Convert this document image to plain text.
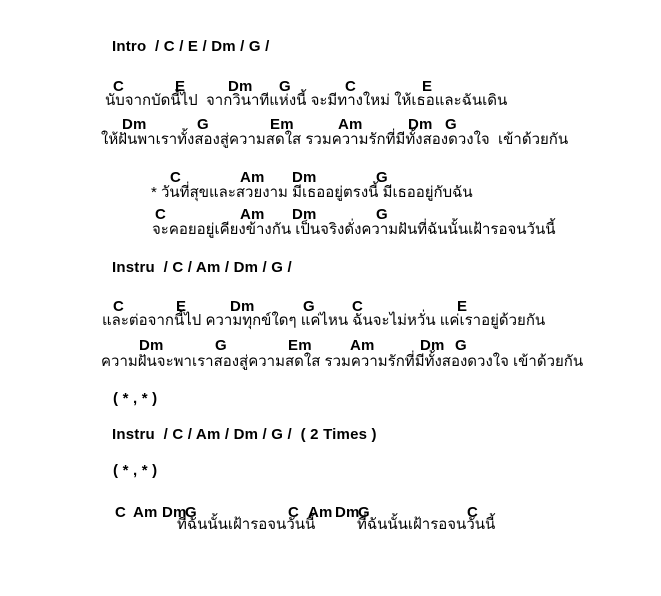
Intro  / C / E / Dm / G /
C	E	Dm G	C	E
นับจากบัดนี้ไป  จากวินาทีแห่งนี้ จะมีทางใหม่ ให้เธอและฉันเดิน
Dm	G	Em	Am	Dm G
ให้ฝันพาเราทั้งสองสู่ความสดใส รวมความรักที่มีทั้งสองดวงใจ  เข้าด้วยกัน
C	Am Dm	G
* วันที่สุขและสวยงาม มีเธออยู่ตรงนี้ มีเธออยู่กับฉัน
C	Am Dm	G
จะคอยอยู่เคียงข้างกัน เป็นจริงดั่งความฝันที่ฉันนั้นเฝ้ารอจนวันนี้
Instru  / C / Am / Dm / G /
C	E	Dm	G C	E
และต่อจากนี้ไป ความทุกข์ใดๆ แค่ไหน ฉันจะไม่หวั่น แค่เราอยู่ด้วยกัน
Dm	G	Em	Am	Dm G
ความฝันจะพาเราสองสู่ความสดใส รวมความรักที่มีทั้งสองดวงใจ เข้าด้วยกัน
( * , * )
Instru  / C / Am / Dm / G /  ( 2 Times )
( * , * )
C Am Dm
G	C Am Dm
G	C
ที่ฉันนั้นเฝ้ารอจนวันนี้	ที่ฉันนั้นเฝ้ารอจนวันนี้
